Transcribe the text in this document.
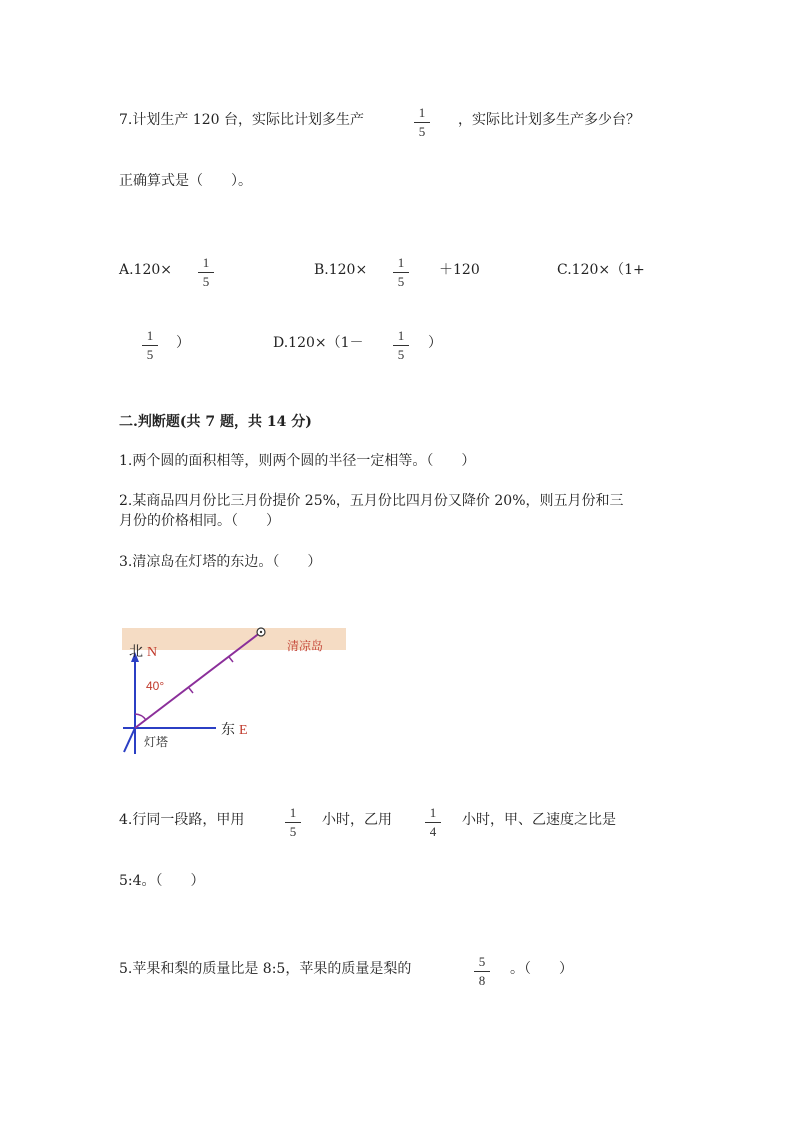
7.计划生产 120 台，实际比计划多生产	1
5
，实际比计划多生产多少台？
正确算式是（　　）。
A.120×	1
5
B.120×	1
5
＋120	C.120×（1+
1
5
）	D.120×（1－	1
5
）
二.判断题(共 7 题，共 14 分)
1.两个圆的面积相等，则两个圆的半径一定相等。（　　）
2.某商品四月份比三月份提价 25%，五月份比四月份又降价 20%，则五月份和三
月份的价格相同。（　　）
3.清凉岛在灯塔的东边。（　　）
北 N
40°
东 E
灯塔
清凉岛
4.行同一段路，甲用	1
5
小时，乙用	1
4
小时，甲、乙速度之比是
5:4。（　　）
5.苹果和梨的质量比是 8:5，苹果的质量是梨的	5
8
。（　　）
